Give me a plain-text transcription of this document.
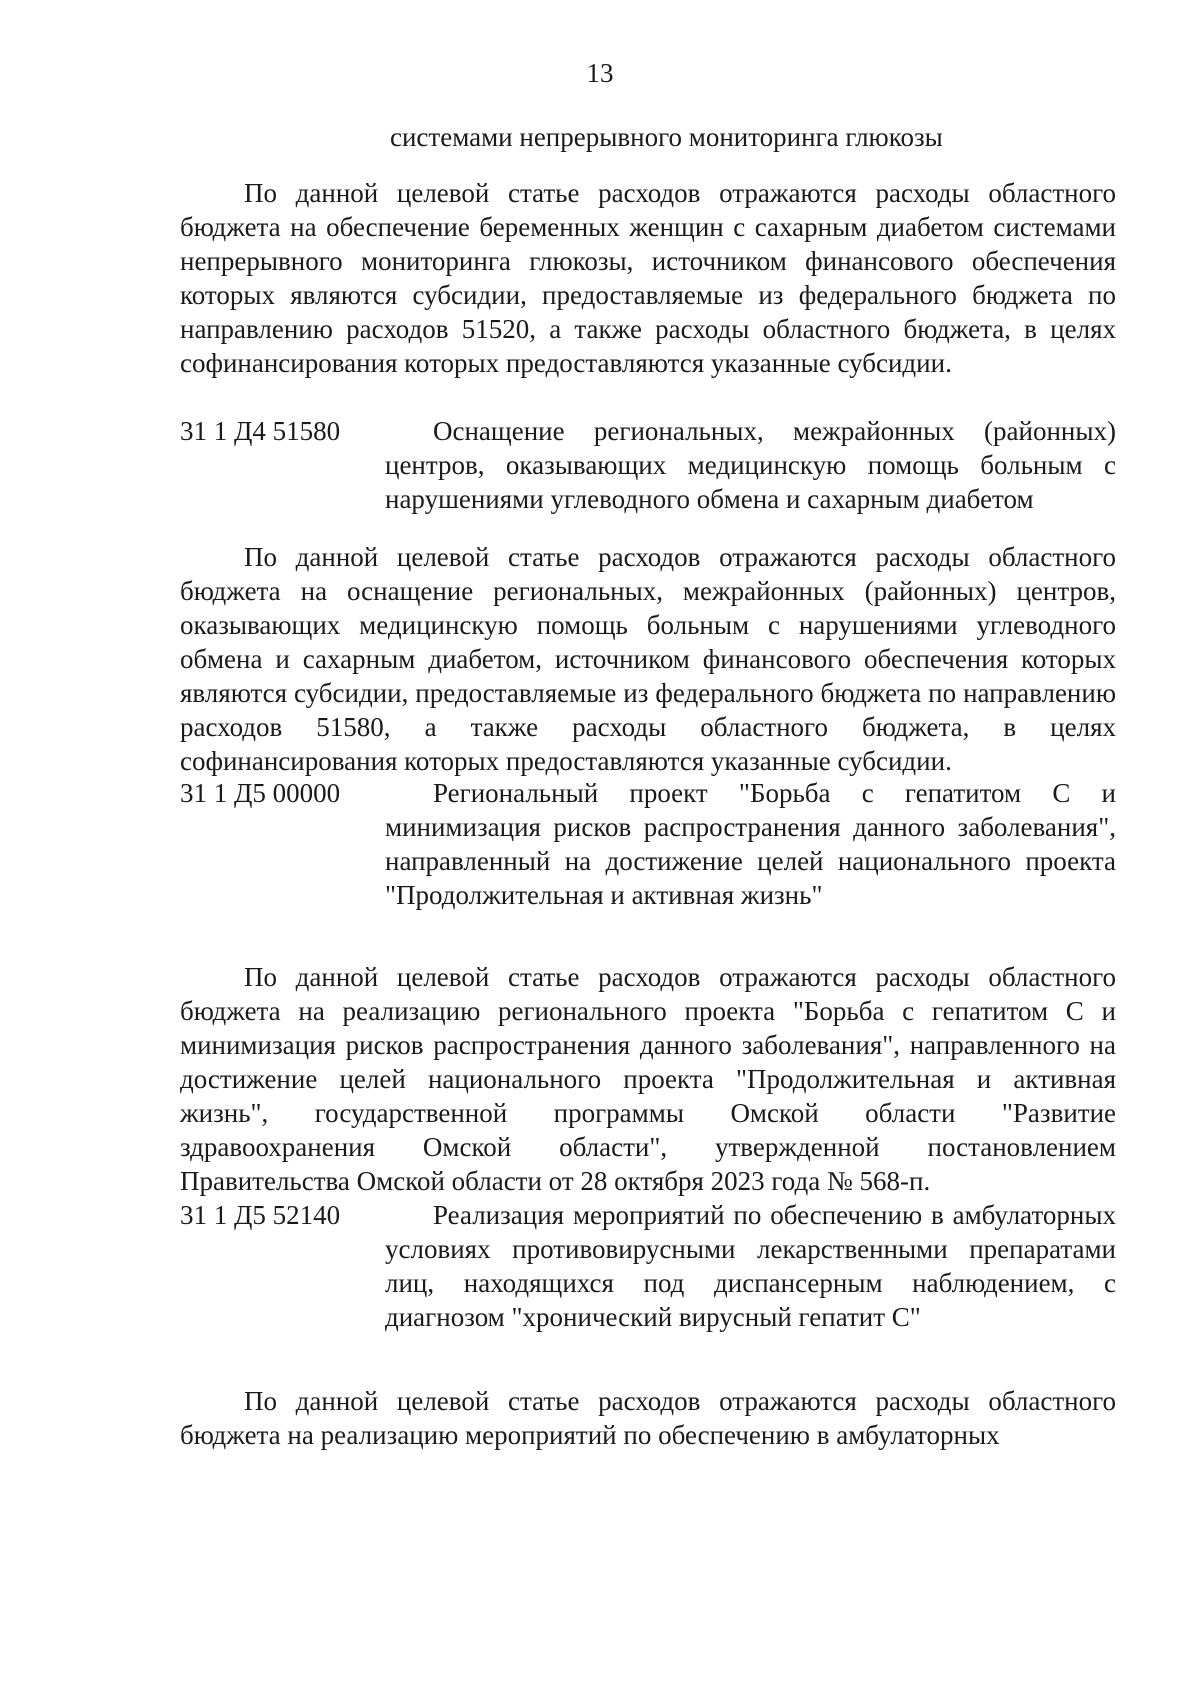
13
системами непрерывного мониторинга глюкозы

По данной целевой статье расходов отражаются расходы областного бюджета на обеспечение беременных женщин с сахарным диабетом системами непрерывного мониторинга глюкозы, источником финансового обеспечения которых являются субсидии, предоставляемые из федерального бюджета по направлению расходов 51520, а также расходы областного бюджета, в целях софинансирования которых предоставляются указанные субсидии.

31 1 Д4 51580	Оснащение региональных, межрайонных (районных) центров, оказывающих медицинскую помощь больным с нарушениями углеводного обмена и сахарным диабетом

По данной целевой статье расходов отражаются расходы областного бюджета на оснащение региональных, межрайонных (районных) центров, оказывающих медицинскую помощь больным с нарушениями углеводного обмена и сахарным диабетом, источником финансового обеспечения которых являются субсидии, предоставляемые из федерального бюджета по направлению расходов 51580, а также расходы областного бюджета, в целях софинансирования которых предоставляются указанные субсидии.

31 1 Д5 00000	Региональный проект "Борьба с гепатитом С и минимизация рисков распространения данного заболевания", направленный на достижение целей национального проекта "Продолжительная и активная жизнь"

По данной целевой статье расходов отражаются расходы областного бюджета на реализацию регионального проекта "Борьба с гепатитом С и минимизация рисков распространения данного заболевания", направленного на достижение целей национального проекта "Продолжительная и активная жизнь", государственной программы Омской области "Развитие здравоохранения Омской области", утвержденной постановлением Правительства Омской области от 28 октября 2023 года № 568-п.

31 1 Д5 52140	Реализация мероприятий по обеспечению в амбулаторных условиях противовирусными лекарственными препаратами лиц, находящихся под диспансерным наблюдением, с диагнозом "хронический вирусный гепатит С"

По данной целевой статье расходов отражаются расходы областного бюджета на реализацию мероприятий по обеспечению в амбулаторных
